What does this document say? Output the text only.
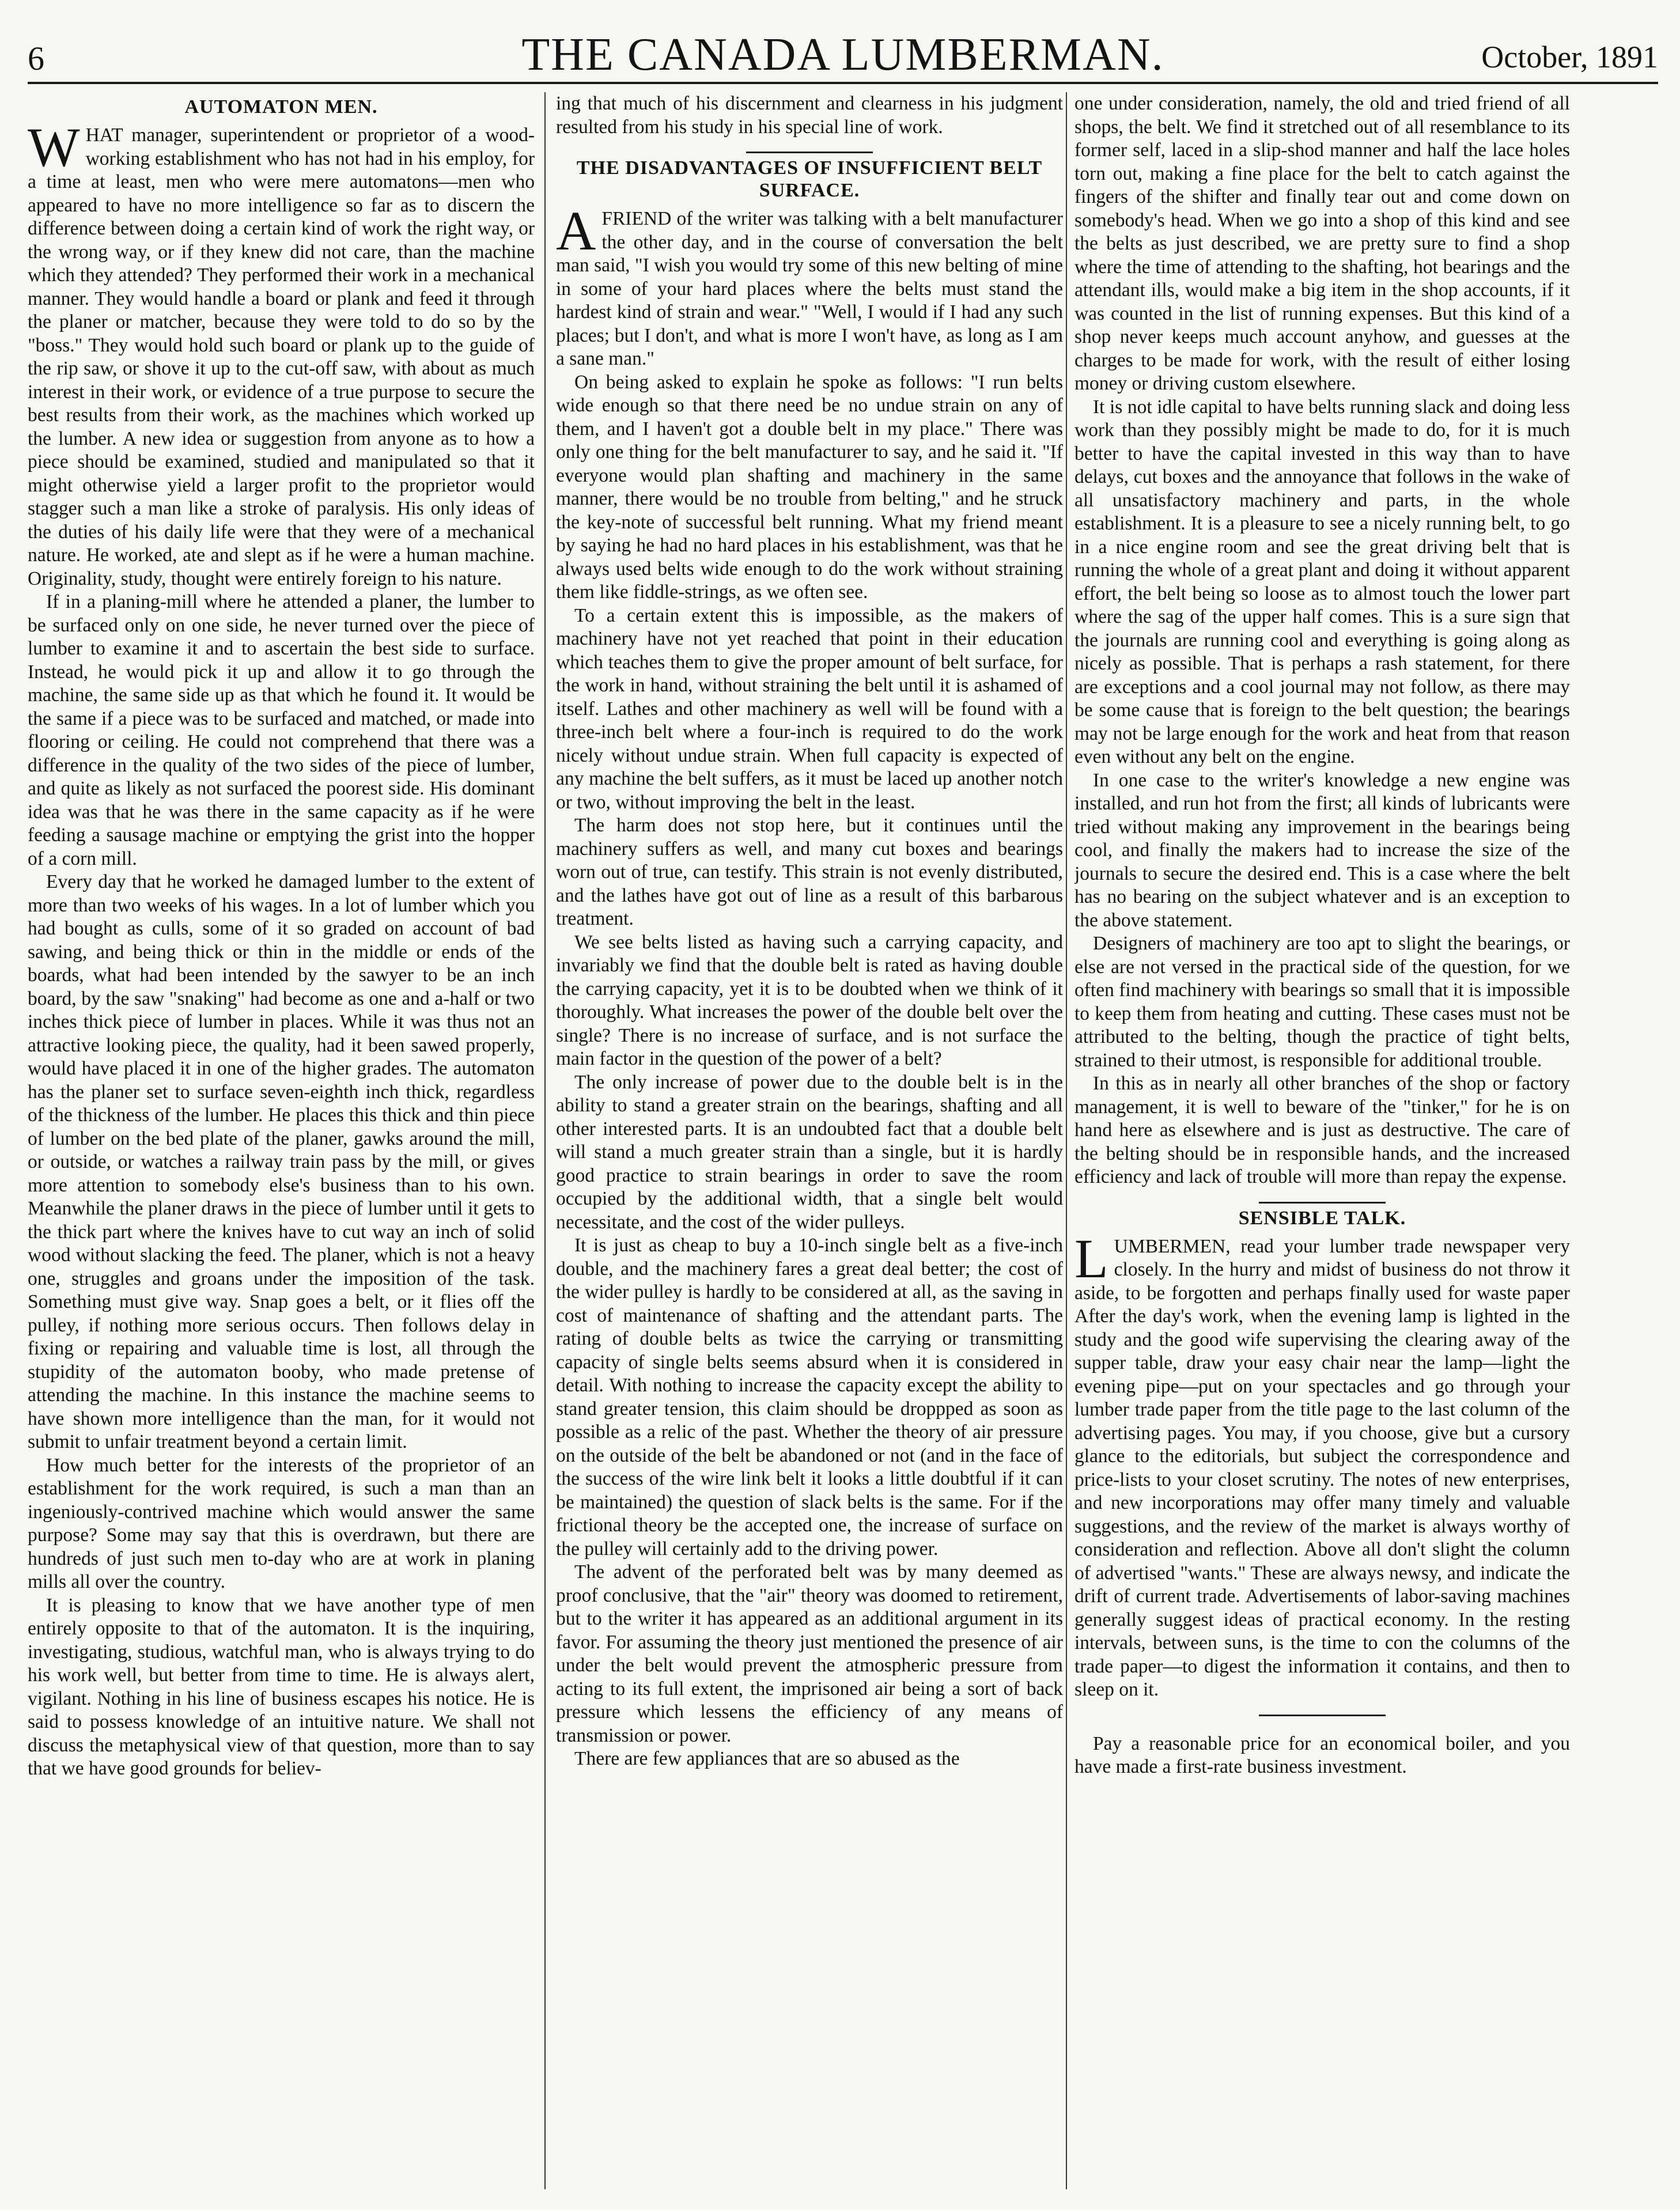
6	THE CANADA LUMBERMAN.	October, 1891
AUTOMATON MEN.

WHAT manager, superintendent or proprietor of a wood-working establishment who has not had in his employ, for a time at least, men who were mere automatons—men who appeared to have no more intelligence so far as to discern the difference between doing a certain kind of work the right way, or the wrong way, or if they knew did not care, than the machine which they attended? They performed their work in a mechanical manner. They would handle a board or plank and feed it through the planer or matcher, because they were told to do so by the "boss." They would hold such board or plank up to the guide of the rip saw, or shove it up to the cut-off saw, with about as much interest in their work, or evidence of a true purpose to secure the best results from their work, as the machines which worked up the lumber. A new idea or suggestion from anyone as to how a piece should be examined, studied and manipulated so that it might otherwise yield a larger profit to the proprietor would stagger such a man like a stroke of paralysis. His only ideas of the duties of his daily life were that they were of a mechanical nature. He worked, ate and slept as if he were a human machine. Originality, study, thought were entirely foreign to his nature.

If in a planing-mill where he attended a planer, the lumber to be surfaced only on one side, he never turned over the piece of lumber to examine it and to ascertain the best side to surface. Instead, he would pick it up and allow it to go through the machine, the same side up as that which he found it. It would be the same if a piece was to be surfaced and matched, or made into flooring or ceiling. He could not comprehend that there was a difference in the quality of the two sides of the piece of lumber, and quite as likely as not surfaced the poorest side. His dominant idea was that he was there in the same capacity as if he were feeding a sausage machine or emptying the grist into the hopper of a corn mill.

Every day that he worked he damaged lumber to the extent of more than two weeks of his wages. In a lot of lumber which you had bought as culls, some of it so graded on account of bad sawing, and being thick or thin in the middle or ends of the boards, what had been intended by the sawyer to be an inch board, by the saw "snaking" had become as one and a-half or two inches thick piece of lumber in places. While it was thus not an attractive looking piece, the quality, had it been sawed properly, would have placed it in one of the higher grades. The automaton has the planer set to surface seven-eighth inch thick, regardless of the thickness of the lumber. He places this thick and thin piece of lumber on the bed plate of the planer, gawks around the mill, or outside, or watches a railway train pass by the mill, or gives more attention to somebody else's business than to his own. Meanwhile the planer draws in the piece of lumber until it gets to the thick part where the knives have to cut way an inch of solid wood without slacking the feed. The planer, which is not a heavy one, struggles and groans under the imposition of the task. Something must give way. Snap goes a belt, or it flies off the pulley, if nothing more serious occurs. Then follows delay in fixing or repairing and valuable time is lost, all through the stupidity of the automaton booby, who made pretense of attending the machine. In this instance the machine seems to have shown more intelligence than the man, for it would not submit to unfair treatment beyond a certain limit.

How much better for the interests of the proprietor of an establishment for the work required, is such a man than an ingeniously-contrived machine which would answer the same purpose? Some may say that this is overdrawn, but there are hundreds of just such men to-day who are at work in planing mills all over the country.

It is pleasing to know that we have another type of men entirely opposite to that of the automaton. It is the inquiring, investigating, studious, watchful man, who is always trying to do his work well, but better from time to time. He is always alert, vigilant. Nothing in his line of business escapes his notice. He is said to possess knowledge of an intuitive nature. We shall not discuss the metaphysical view of that question, more than to say that we have good grounds for believ-

ing that much of his discernment and clearness in his judgment resulted from his study in his special line of work.

THE DISADVANTAGES OF INSUFFICIENT BELT SURFACE.

AFRIEND of the writer was talking with a belt manufacturer the other day, and in the course of conversation the belt man said, "I wish you would try some of this new belting of mine in some of your hard places where the belts must stand the hardest kind of strain and wear." "Well, I would if I had any such places; but I don't, and what is more I won't have, as long as I am a sane man."

On being asked to explain he spoke as follows: "I run belts wide enough so that there need be no undue strain on any of them, and I haven't got a double belt in my place." There was only one thing for the belt manufacturer to say, and he said it. "If everyone would plan shafting and machinery in the same manner, there would be no trouble from belting," and he struck the key-note of successful belt running. What my friend meant by saying he had no hard places in his establishment, was that he always used belts wide enough to do the work without straining them like fiddle-strings, as we often see.

To a certain extent this is impossible, as the makers of machinery have not yet reached that point in their education which teaches them to give the proper amount of belt surface, for the work in hand, without straining the belt until it is ashamed of itself. Lathes and other machinery as well will be found with a three-inch belt where a four-inch is required to do the work nicely without undue strain. When full capacity is expected of any machine the belt suffers, as it must be laced up another notch or two, without improving the belt in the least.

The harm does not stop here, but it continues until the machinery suffers as well, and many cut boxes and bearings worn out of true, can testify. This strain is not evenly distributed, and the lathes have got out of line as a result of this barbarous treatment.

We see belts listed as having such a carrying capacity, and invariably we find that the double belt is rated as having double the carrying capacity, yet it is to be doubted when we think of it thoroughly. What increases the power of the double belt over the single? There is no increase of surface, and is not surface the main factor in the question of the power of a belt?

The only increase of power due to the double belt is in the ability to stand a greater strain on the bearings, shafting and all other interested parts. It is an undoubted fact that a double belt will stand a much greater strain than a single, but it is hardly good practice to strain bearings in order to save the room occupied by the additional width, that a single belt would necessitate, and the cost of the wider pulleys.

It is just as cheap to buy a 10-inch single belt as a five-inch double, and the machinery fares a great deal better; the cost of the wider pulley is hardly to be considered at all, as the saving in cost of maintenance of shafting and the attendant parts. The rating of double belts as twice the carrying or transmitting capacity of single belts seems absurd when it is considered in detail. With nothing to increase the capacity except the ability to stand greater tension, this claim should be droppped as soon as possible as a relic of the past. Whether the theory of air pressure on the outside of the belt be abandoned or not (and in the face of the success of the wire link belt it looks a little doubtful if it can be maintained) the question of slack belts is the same. For if the frictional theory be the accepted one, the increase of surface on the pulley will certainly add to the driving power.

The advent of the perforated belt was by many deemed as proof conclusive, that the "air" theory was doomed to retirement, but to the writer it has appeared as an additional argument in its favor. For assuming the theory just mentioned the presence of air under the belt would prevent the atmospheric pressure from acting to its full extent, the imprisoned air being a sort of back pressure which lessens the efficiency of any means of transmission or power.

There are few appliances that are so abused as the

one under consideration, namely, the old and tried friend of all shops, the belt. We find it stretched out of all resemblance to its former self, laced in a slip-shod manner and half the lace holes torn out, making a fine place for the belt to catch against the fingers of the shifter and finally tear out and come down on somebody's head. When we go into a shop of this kind and see the belts as just described, we are pretty sure to find a shop where the time of attending to the shafting, hot bearings and the attendant ills, would make a big item in the shop accounts, if it was counted in the list of running expenses. But this kind of a shop never keeps much account anyhow, and guesses at the charges to be made for work, with the result of either losing money or driving custom elsewhere.

It is not idle capital to have belts running slack and doing less work than they possibly might be made to do, for it is much better to have the capital invested in this way than to have delays, cut boxes and the annoyance that follows in the wake of all unsatisfactory machinery and parts, in the whole establishment. It is a pleasure to see a nicely running belt, to go in a nice engine room and see the great driving belt that is running the whole of a great plant and doing it without apparent effort, the belt being so loose as to almost touch the lower part where the sag of the upper half comes. This is a sure sign that the journals are running cool and everything is going along as nicely as possible. That is perhaps a rash statement, for there are exceptions and a cool journal may not follow, as there may be some cause that is foreign to the belt question; the bearings may not be large enough for the work and heat from that reason even without any belt on the engine.

In one case to the writer's knowledge a new engine was installed, and run hot from the first; all kinds of lubricants were tried without making any improvement in the bearings being cool, and finally the makers had to increase the size of the journals to secure the desired end. This is a case where the belt has no bearing on the subject whatever and is an exception to the above statement.

Designers of machinery are too apt to slight the bearings, or else are not versed in the practical side of the question, for we often find machinery with bearings so small that it is impossible to keep them from heating and cutting. These cases must not be attributed to the belting, though the practice of tight belts, strained to their utmost, is responsible for additional trouble.

In this as in nearly all other branches of the shop or factory management, it is well to beware of the "tinker," for he is on hand here as elsewhere and is just as destructive. The care of the belting should be in responsible hands, and the increased efficiency and lack of trouble will more than repay the expense.

SENSIBLE TALK.

LUMBERMEN, read your lumber trade newspaper very closely. In the hurry and midst of business do not throw it aside, to be forgotten and perhaps finally used for waste paper After the day's work, when the evening lamp is lighted in the study and the good wife supervising the clearing away of the supper table, draw your easy chair near the lamp—light the evening pipe—put on your spectacles and go through your lumber trade paper from the title page to the last column of the advertising pages. You may, if you choose, give but a cursory glance to the editorials, but subject the correspondence and price-lists to your closet scrutiny. The notes of new enterprises, and new incorporations may offer many timely and valuable suggestions, and the review of the market is always worthy of consideration and reflection. Above all don't slight the column of advertised "wants." These are always newsy, and indicate the drift of current trade. Advertisements of labor-saving machines generally suggest ideas of practical economy. In the resting intervals, between suns, is the time to con the columns of the trade paper—to digest the information it contains, and then to sleep on it.

Pay a reasonable price for an economical boiler, and you have made a first-rate business investment.
